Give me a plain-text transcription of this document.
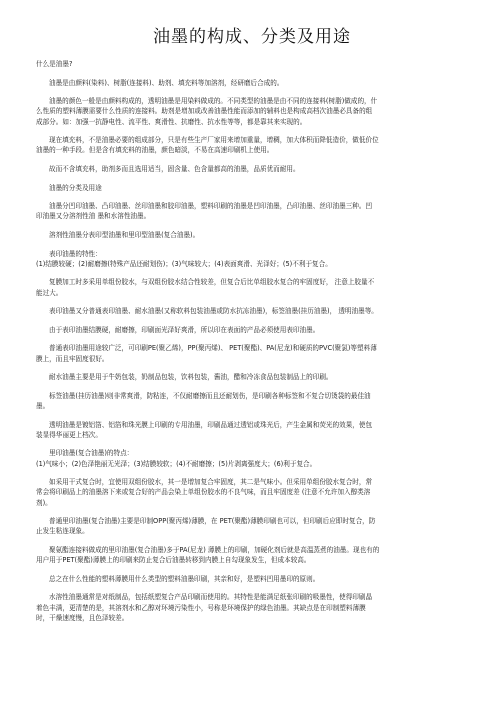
油墨的构成、分类及用途
什么是油墨?
油墨是由颜料(染料)、树脂(连接料)、助剂、填充料等加溶剂，经研磨后合成的。
油墨的颜色一般是由颜料构成的，透明油墨是用染料做成的。不同类型的油墨是由不同的连接料(树脂)做成的，什
么性质的塑料薄膜需要什么性质的连接料。助剂是增加或改善油墨性能而添加的辅料也是构成高档次油墨必具备的组
成部分。如：加强一抗静电性、流平性、爽滑性、抗磨性、抗水性等等，都是靠其来实现的。
现在填充料，不是油墨必要的组成部分，只是有些生产厂家用来增加重量，增稠，加大体积而降低造价，做低价位
油墨的一种手段。但是含有填充料的油墨，颜色暗淡，不易在高速印刷机上使用。
故而不含填充料，助剂多而且选用适当，固含量、色含量都高的油墨，品质优而耐用。
油墨的分类及用途
油墨分凹印油墨、凸印油墨、丝印油墨和胶印油墨，塑料印刷的油墨是凹印油墨，凸印油墨、丝印油墨三种。凹
印油墨又分溶剂性油 墨和水溶性油墨。
溶剂性油墨分表印型油墨和里印型油墨(复合油墨)。
表印油墨的特性：
(1)结膜较硬；(2)耐磨擦(特殊产品还耐划伤)；(3)气味较大；(4)表面爽滑、光泽好；(5)不利于复合。
复膜加工时多采用单组份胶水，与双组份胶水结合性较差，但复合后比单组胶水复合的牢固度好， 注意上胶量不
能过大。
表印油墨又分普通表印油墨、耐水油墨(又称软料包装油墨或防水抗冻油墨)，标签油墨(挂历油墨)， 透明油墨等。
由于表印油墨结膜硬，耐磨擦，印刷面光泽好爽滑，所以印在表面的产品必须使用表印油墨。
普通表印油墨用途较广泛，可印刷PE(聚乙烯)，PP(聚丙烯)、 PET(聚酯)、PA(尼龙)和硬质的PVC(聚氯)等塑料薄
膜上，而且牢固度很好。
耐水油墨主要是用于牛奶包装，奶制品包装，饮料包装，酱油，醋和冷冻食品包装制品上的印刷。
标签油墨(挂历油墨)则非常爽滑，防粘连，不仅耐磨擦而且还耐划伤，是印刷各种标签和不复合切烫袋的最佳油
墨。
透明油墨是镀铝箔、铝箔和珠光膜上印刷的专用油墨，印刷品通过透铝或珠光后，产生金属和荧光的效果，使包
装显得华丽更上档次。
里印油墨(复合油墨)的特点：
(1)气味小；(2)色泽艳丽无光泽；(3)结膜较软；(4)不耐磨擦；(5)片剥离强度大；(6)利于复合。
如采用干式复合时，宜使用双组份胶水，其一是增加复合牢固度，其二是气味小。但采用单组份胶水复合时，常
常会将印刷品上的油墨溶下来或复合好的产品会染上单组份胶水的不良气味，而且牢固度差 (注意不允许加入醇类溶
剂)。
普通里印油墨(复合油墨)主要是印制OPP(聚丙烯)薄膜，在 PET(聚酯)薄膜印刷也可以，但印刷后应即时复合，防
止发生粘连现象。
聚氨酯连接料做成的里印油墨(复合油墨)多于PA(尼龙) 薄膜上的印刷，加硬化剂后就是高温蒸煮的油墨。现也有的
用户用于PET(聚酯)薄膜上的印刷来防止复合后油墨转移到内膜上自勾现象发生，但成本较高。
总之在什么性能的塑料薄膜用什么类型的塑料油墨印刷，其亲和好，是塑料凹用墨印的原则。
水溶性油墨通常是对纸制品，包括纸塑复合产品印刷而使用的。其特性是能满足纸张印刷的吸墨性，使得印刷晶
着色丰满，更清楚的是，其溶剂水和乙醇对环境污染性小，号称是环境保护的绿色油墨。其缺点是在印制塑料薄膜
时，干燥速度慢，且色泽较差。
